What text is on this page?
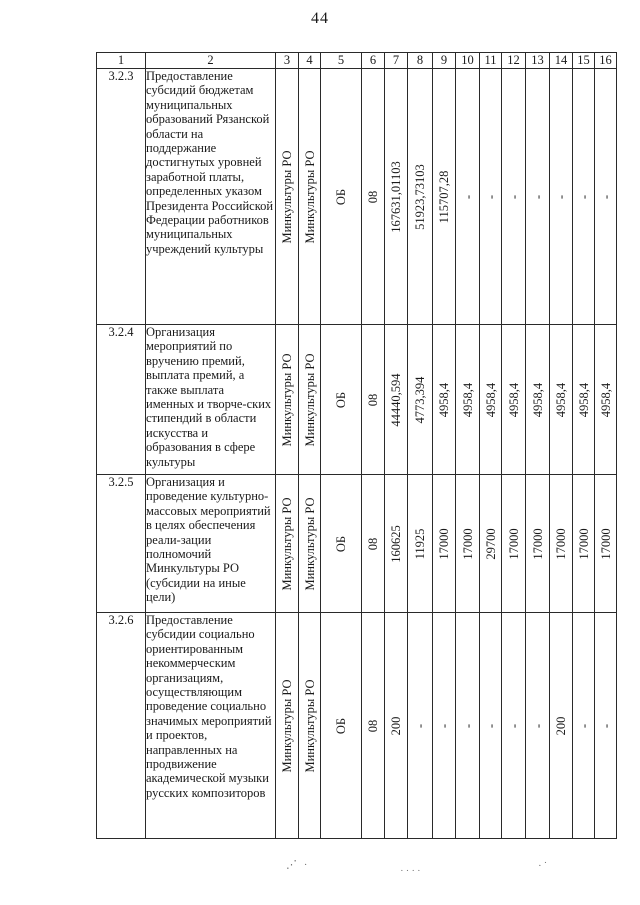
44
1	2	3	4	5	6	7	8	9	10	11	12	13	14	15	16
3.2.3	Предоставление субсидий бюджетам муниципальных образований Рязанской области на поддержание достигнутых уровней заработной платы, определенных указом Президента Российской Федерации работников муниципальных учреждений культуры	Минкультуры РО	Минкультуры РО	ОБ	08	167631,01103	51923,73103	115707,28	-	-	-	-	-	-	-

3.2.4	Организация мероприятий по вручению премий, выплата премий, а также выплата именных и творче-ских стипендий в области искусства и образования в сфере культуры	Минкультуры РО	Минкультуры РО	ОБ	08	44440,594	4773,394	4958,4	4958,4	4958,4	4958,4	4958,4	4958,4	4958,4	4958,4

3.2.5	Организация и проведение культурно-массовых мероприятий в целях обеспечения реали-зации полномочий Минкультуры РО (субсидии на иные цели)	Минкультуры РО	Минкультуры РО	ОБ	08	160625	11925	17000	17000	29700	17000	17000	17000	17000	17000

3.2.6	Предоставление субсидии социально ориентированным некоммерческим организациям, осуществляющим проведение социально значимых мероприятий и проектов, направленных на продвижение академической музыки русских композиторов	Минкультуры РО	Минкультуры РО	ОБ	08	200	-	-	-	-	-	-	200	-	-
⋰ ·
˙˙˙˙
·˙
